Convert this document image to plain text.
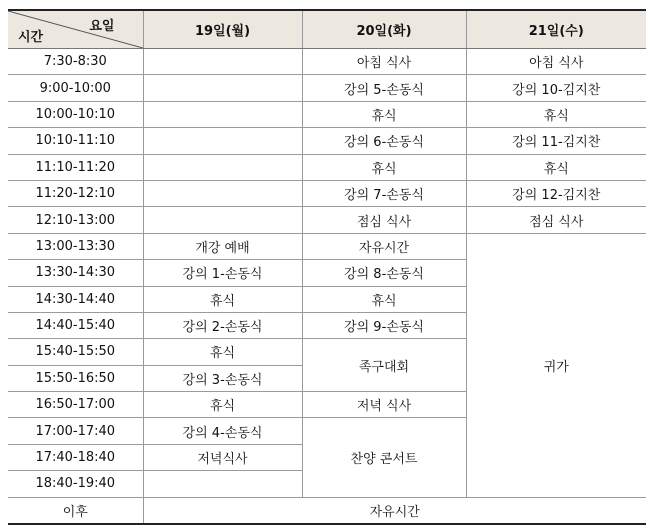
요일
시간	19일(월)	20일(화)	21일(수)
7:30-8:30		아침 식사	아침 식사
9:00-10:00		강의 5-손동식	강의 10-김지찬
10:00-10:10		휴식	휴식
10:10-11:10		강의 6-손동식	강의 11-김지찬
11:10-11:20		휴식	휴식
11:20-12:10		강의 7-손동식	강의 12-김지찬
12:10-13:00		점심 식사	점심 식사
13:00-13:30	개강 예배	자유시간	귀가
13:30-14:30	강의 1-손동식	강의 8-손동식	
14:30-14:40	휴식	휴식	
14:40-15:40	강의 2-손동식	강의 9-손동식	
15:40-15:50	휴식	족구대회	
15:50-16:50	강의 3-손동식		
16:50-17:00	휴식	저녁 식사	
17:00-17:40	강의 4-손동식	찬양 콘서트	
17:40-18:40	저녁식사		
18:40-19:40			
이후	자유시간		
